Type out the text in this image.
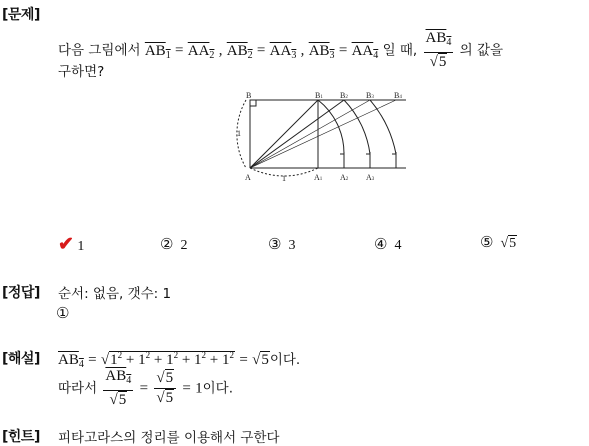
[문제]
다음 그림에서 $AB_1 = AA_2$ , $AB_2 = AA_3$ , $AB_3 = AA_4$ 일 때, $\frac{AB_4}{√5}$ 의 값을
구하면?
B	B1 B2 B3	B4
A	A1 A2 A3
1
1
✔ 1	② 2	③ 3	④ 4	⑤ √5
[정답] 순서: 없음, 갯수: 1
①
[해설] $AB_4 = √1^2 + 1^2 + 1^2 + 1^2 + 1^2 = √5$이다.
따라서 $\frac{AB_4}{√5} = \frac{√5}{√5} = 1$이다.
[힌트] 피타고라스의 정리를 이용해서 구한다
